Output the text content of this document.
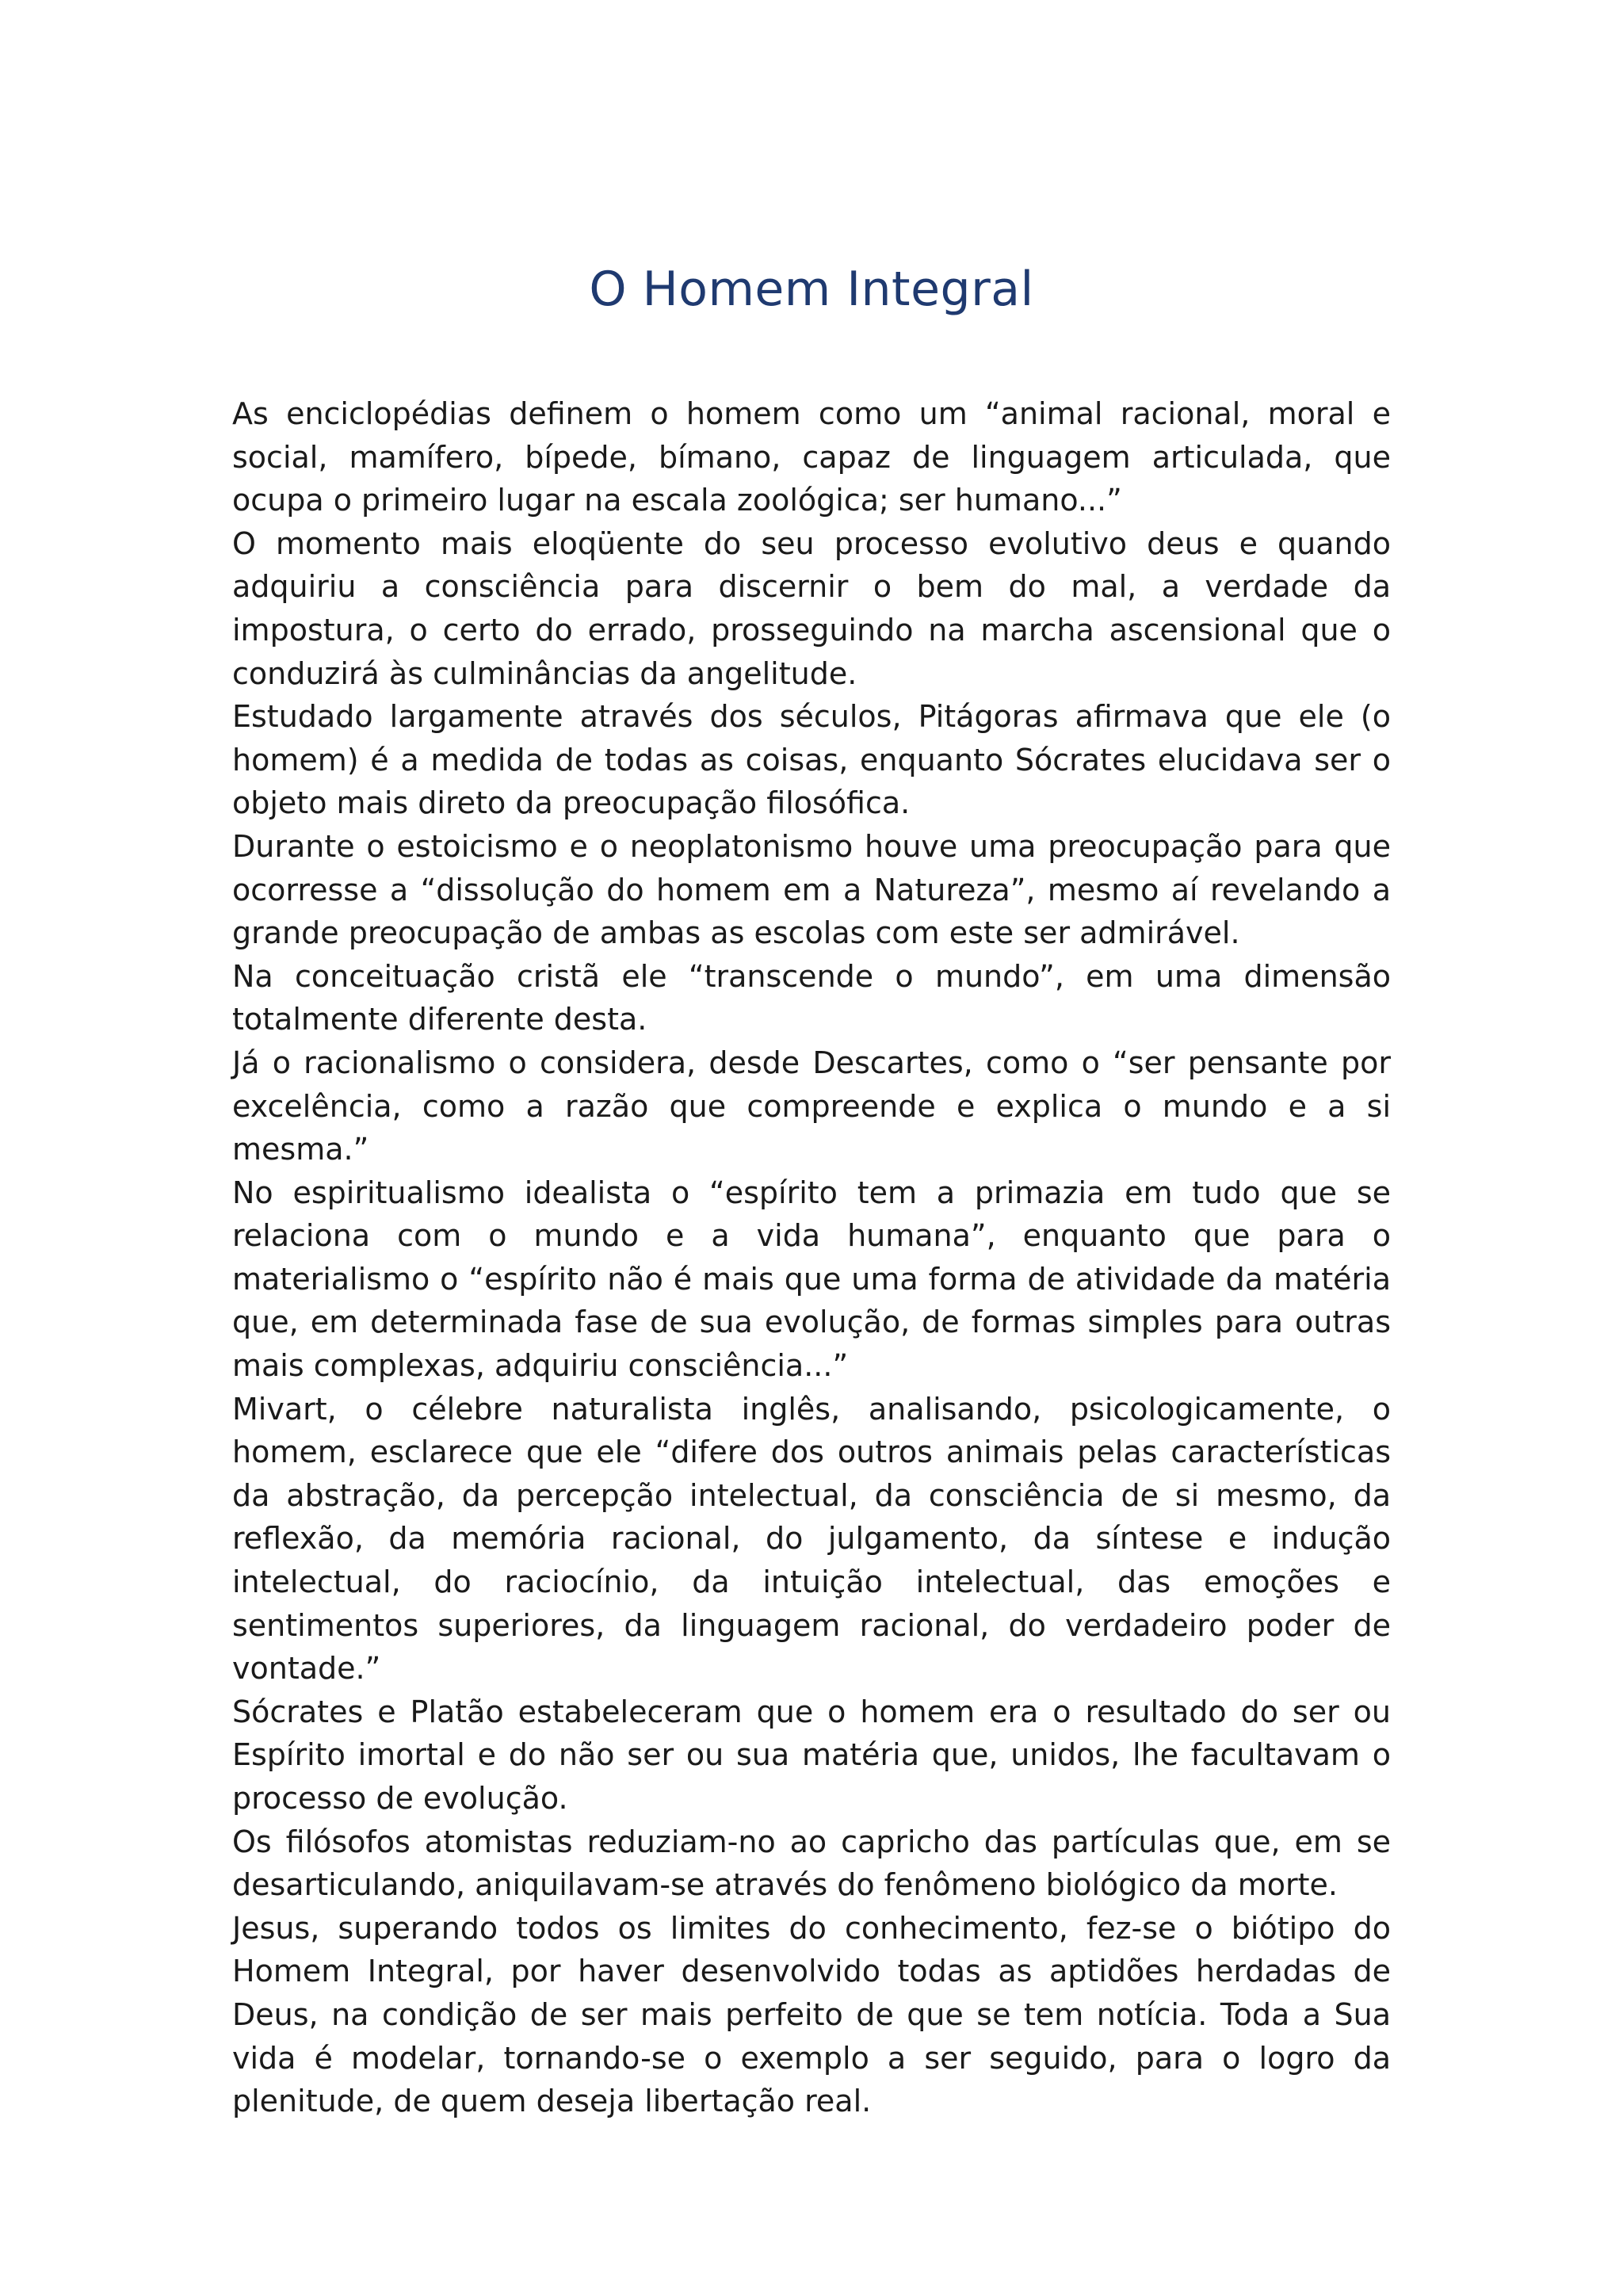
O Homem Integral

As enciclopédias definem o homem como um “animal racional, moral e social, mamífero, bípede, bímano, capaz de linguagem articulada, que ocupa o primeiro lugar na escala zoológica; ser humano...”

O momento mais eloqüente do seu processo evolutivo deus e quando adquiriu a consciência para discernir o bem do mal, a verdade da impostura, o certo do errado, prosseguindo na marcha ascensional que o conduzirá às culminâncias da angelitude.

Estudado largamente através dos séculos, Pitágoras afirmava que ele (o homem) é a medida de todas as coisas, enquanto Sócrates elucidava ser o objeto mais direto da preocupação filosófica.

Durante o estoicismo e o neoplatonismo houve uma preocupação para que ocorresse a “dissolução do homem em a Natureza”, mesmo aí revelando a grande preocupação de ambas as escolas com este ser admirável.

Na conceituação cristã ele “transcende o mundo”, em uma dimensão totalmente diferente desta.

Já o racionalismo o considera, desde Descartes, como o “ser pensante por excelência, como a razão que compreende e explica o mundo e a si mesma.”

No espiritualismo idealista o “espírito tem a primazia em tudo que se relaciona com o mundo e a vida humana”, enquanto que para o materialismo o “espírito não é mais que uma forma de atividade da matéria que, em determinada fase de sua evolução, de formas simples para outras mais complexas, adquiriu consciência...”

Mivart, o célebre naturalista inglês, analisando, psicologicamente, o homem, esclarece que ele “difere dos outros animais pelas características da abstração, da percepção intelectual, da consciência de si mesmo, da reflexão, da memória racional, do julgamento, da síntese e indução intelectual, do raciocínio, da intuição intelectual, das emoções e sentimentos superiores, da linguagem racional, do verdadeiro poder de vontade.”

Sócrates e Platão estabeleceram que o homem era o resultado do ser ou Espírito imortal e do não ser ou sua matéria que, unidos, lhe facultavam o processo de evolução.

Os filósofos atomistas reduziam-no ao capricho das partículas que, em se desarticulando, aniquilavam-se através do fenômeno biológico da morte.

Jesus, superando todos os limites do conhecimento, fez-se o biótipo do Homem Integral, por haver desenvolvido todas as aptidões herdadas de Deus, na condição de ser mais perfeito de que se tem notícia. Toda a Sua vida é modelar, tornando-se o exemplo a ser seguido, para o logro da plenitude, de quem deseja libertação real.
